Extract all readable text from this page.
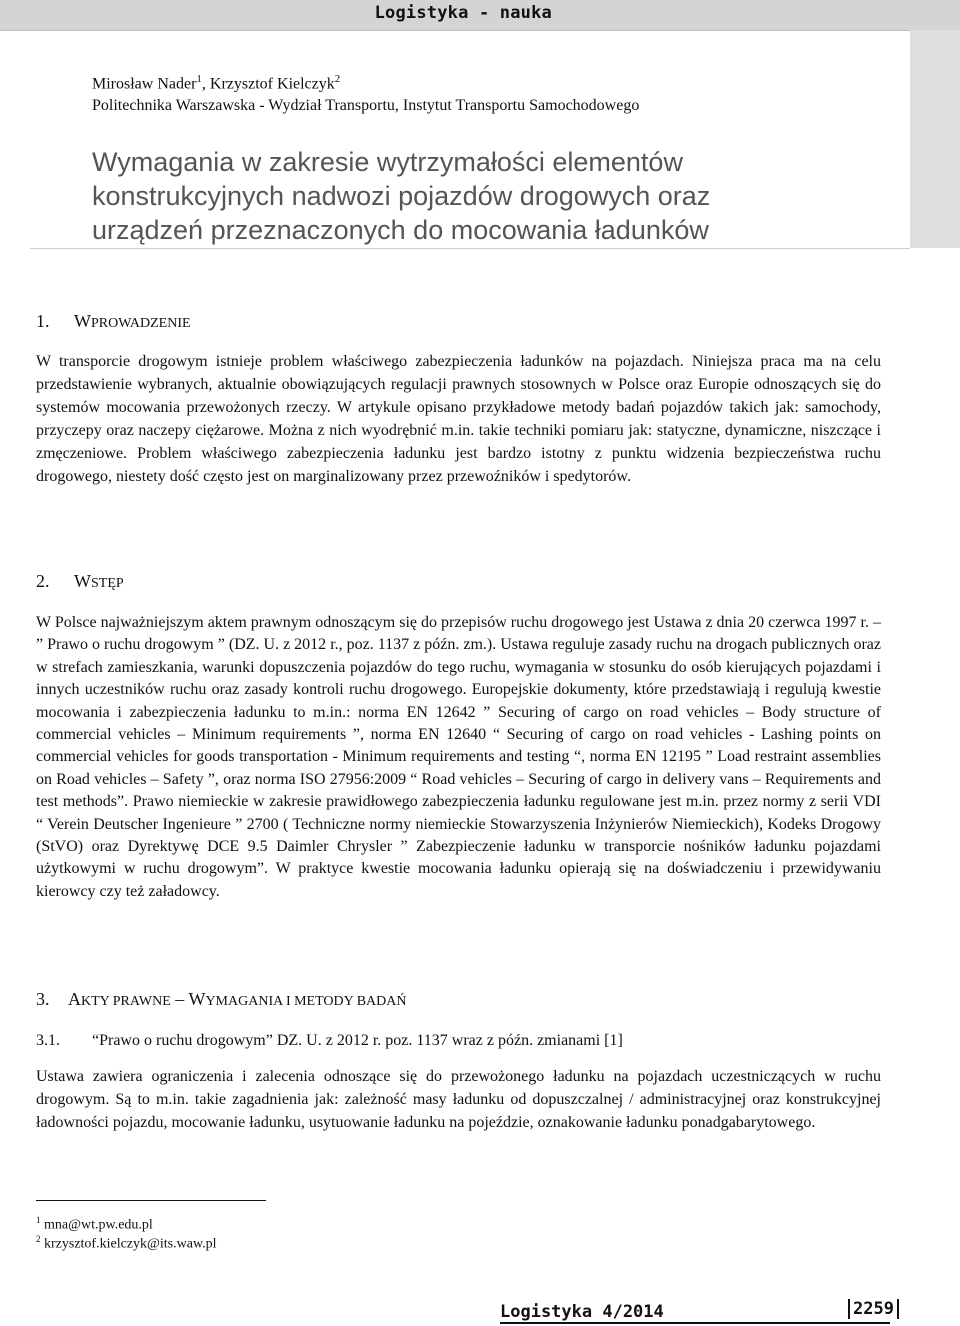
Logistyka - nauka
Mirosław Nader$^1$, Krzysztof Kielczyk$^2$
Politechnika Warszawska - Wydział Transportu, Instytut Transportu Samochodowego
Wymagania w zakresie wytrzymałości elementów
konstrukcyjnych nadwozi pojazdów drogowych oraz
urządzeń przeznaczonych do mocowania ładunków
1. WPROWADZENIE
W transporcie drogowym istnieje problem właściwego zabezpieczenia ładunków na pojazdach. Niniejsza praca ma na celu przedstawienie wybranych, aktualnie obowiązujących regulacji prawnych stosownych w Polsce oraz Europie odnoszących się do systemów mocowania przewożonych rzeczy. W artykule opisano przykładowe metody badań pojazdów takich jak: samochody, przyczepy oraz naczepy ciężarowe. Można z nich wyodrębnić m.in. takie techniki pomiaru jak: statyczne, dynamiczne, niszczące i zmęczeniowe. Problem właściwego zabezpieczenia ładunku jest bardzo istotny z punktu widzenia bezpieczeństwa ruchu drogowego, niestety dość często jest on marginalizowany przez przewoźników i spedytorów.
2. WSTĘP
W Polsce najważniejszym aktem prawnym odnoszącym się do przepisów ruchu drogowego jest Ustawa z dnia 20 czerwca 1997 r. – ” Prawo o ruchu drogowym ” (DZ. U. z 2012 r., poz. 1137 z późn. zm.). Ustawa reguluje zasady ruchu na drogach publicznych oraz w strefach zamieszkania, warunki dopuszczenia pojazdów do tego ruchu, wymagania w stosunku do osób kierujących pojazdami i innych uczestników ruchu oraz zasady kontroli ruchu drogowego. Europejskie dokumenty, które przedstawiają i regulują kwestie mocowania i zabezpieczenia ładunku to m.in.: norma EN 12642 ” Securing of cargo on road vehicles – Body structure of commercial vehicles – Minimum requirements ”, norma EN 12640 “ Securing of cargo on road vehicles - Lashing points on commercial vehicles for goods transportation - Minimum requirements and testing “, norma EN 12195 ” Load restraint assemblies on Road vehicles – Safety ”, oraz norma ISO 27956:2009 “ Road vehicles – Securing of cargo in delivery vans – Requirements and test methods”. Prawo niemieckie w zakresie prawidłowego zabezpieczenia ładunku regulowane jest m.in. przez normy z serii VDI “ Verein Deutscher Ingenieure ” 2700 ( Techniczne normy niemieckie Stowarzyszenia Inżynierów Niemieckich), Kodeks Drogowy (StVO) oraz Dyrektywę DCE 9.5 Daimler Chrysler ” Zabezpieczenie ładunku w transporcie nośników ładunku pojazdami użytkowymi w ruchu drogowym”. W praktyce kwestie mocowania ładunku opierają się na doświadczeniu i przewidywaniu kierowcy czy też załadowcy.
3. AKTY PRAWNE – WYMAGANIA I METODY BADAŃ
3.1. “Prawo o ruchu drogowym” DZ. U. z 2012 r. poz. 1137 wraz z późn. zmianami [1]
Ustawa zawiera ograniczenia i zalecenia odnoszące się do przewożonego ładunku na pojazdach uczestniczących w ruchu drogowym. Są to m.in. takie zagadnienia jak: zależność masy ładunku od dopuszczalnej / administracyjnej oraz konstrukcyjnej ładowności pojazdu, mocowanie ładunku, usytuowanie ładunku na pojeździe, oznakowanie ładunku ponadgabarytowego.
$^1$ mna@wt.pw.edu.pl
$^2$ krzysztof.kielczyk@its.waw.pl
Logistyka 4/2014	2259
